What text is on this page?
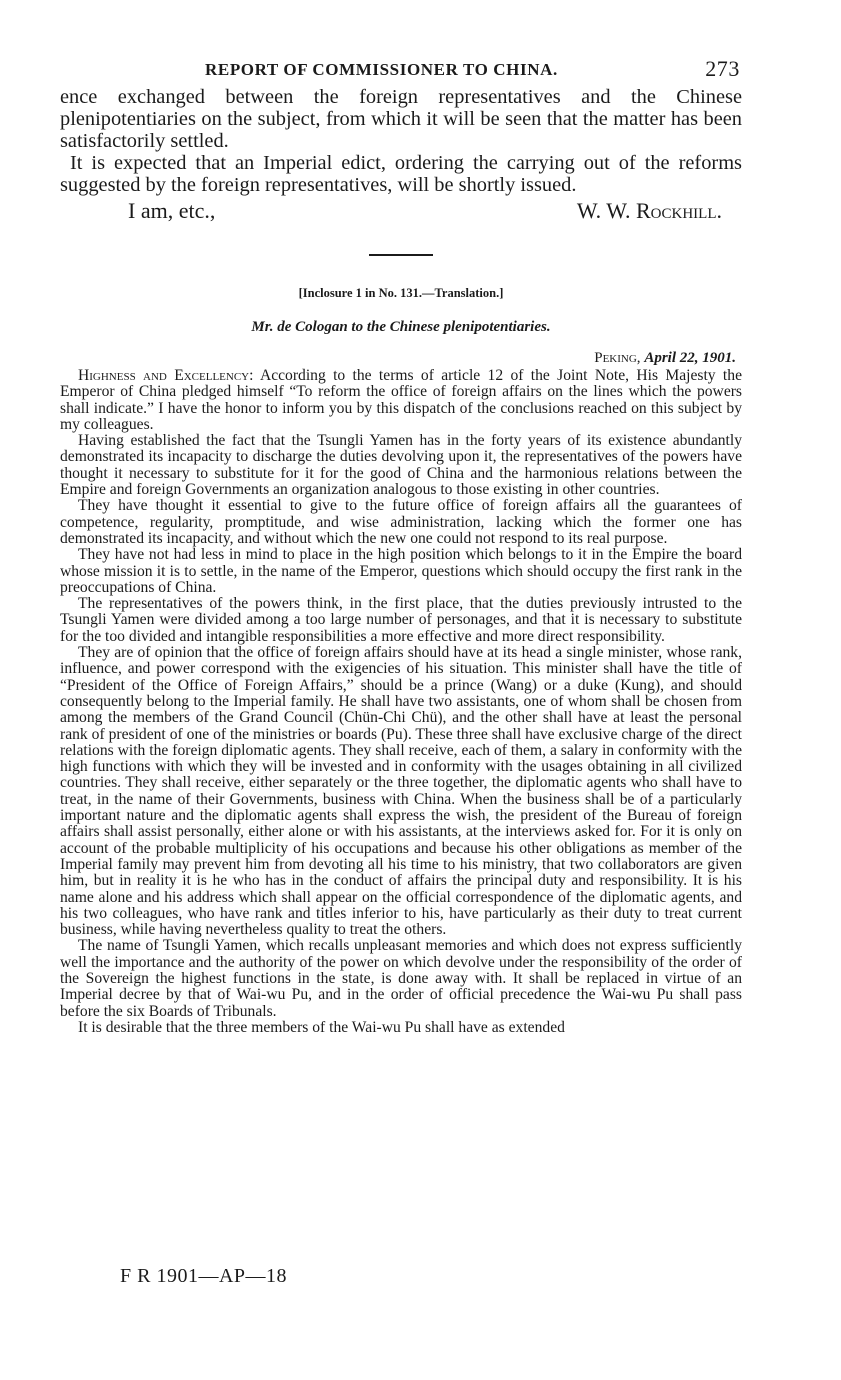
REPORT OF COMMISSIONER TO CHINA.	273

ence exchanged between the foreign representatives and the Chinese plenipotentiaries on the subject, from which it will be seen that the matter has been satisfactorily settled.

It is expected that an Imperial edict, ordering the carrying out of the reforms suggested by the foreign representatives, will be shortly issued.

I am, etc.,	W. W. Rockhill.
[Inclosure 1 in No. 131.—Translation.]
Mr. de Cologan to the Chinese plenipotentiaries.
Peking, April 22, 1901.

Highness and Excellency: According to the terms of article 12 of the Joint Note, His Majesty the Emperor of China pledged himself “To reform the office of foreign affairs on the lines which the powers shall indicate.” I have the honor to inform you by this dispatch of the conclusions reached on this subject by my colleagues.

Having established the fact that the Tsungli Yamen has in the forty years of its existence abundantly demonstrated its incapacity to discharge the duties devolving upon it, the representatives of the powers have thought it necessary to substitute for it for the good of China and the harmonious relations between the Empire and foreign Governments an organization analogous to those existing in other countries.

They have thought it essential to give to the future office of foreign affairs all the guarantees of competence, regularity, promptitude, and wise administration, lacking which the former one has demonstrated its incapacity, and without which the new one could not respond to its real purpose.

They have not had less in mind to place in the high position which belongs to it in the Empire the board whose mission it is to settle, in the name of the Emperor, questions which should occupy the first rank in the preoccupations of China.

The representatives of the powers think, in the first place, that the duties previously intrusted to the Tsungli Yamen were divided among a too large number of personages, and that it is necessary to substitute for the too divided and intangible responsibilities a more effective and more direct responsibility.

They are of opinion that the office of foreign affairs should have at its head a single minister, whose rank, influence, and power correspond with the exigencies of his situation. This minister shall have the title of “President of the Office of Foreign Affairs,” should be a prince (Wang) or a duke (Kung), and should consequently belong to the Imperial family. He shall have two assistants, one of whom shall be chosen from among the members of the Grand Council (Chün-Chi Chü), and the other shall have at least the personal rank of president of one of the ministries or boards (Pu). These three shall have exclusive charge of the direct relations with the foreign diplomatic agents. They shall receive, each of them, a salary in conformity with the high functions with which they will be invested and in conformity with the usages obtaining in all civilized countries. They shall receive, either separately or the three together, the diplomatic agents who shall have to treat, in the name of their Governments, business with China. When the business shall be of a particularly important nature and the diplomatic agents shall express the wish, the president of the Bureau of foreign affairs shall assist personally, either alone or with his assistants, at the interviews asked for. For it is only on account of the probable multiplicity of his occupations and because his other obligations as member of the Imperial family may prevent him from devoting all his time to his ministry, that two collaborators are given him, but in reality it is he who has in the conduct of affairs the principal duty and responsibility. It is his name alone and his address which shall appear on the official correspondence of the diplomatic agents, and his two colleagues, who have rank and titles inferior to his, have particularly as their duty to treat current business, while having nevertheless quality to treat the others.

The name of Tsungli Yamen, which recalls unpleasant memories and which does not express sufficiently well the importance and the authority of the power on which devolve under the responsibility of the order of the Sovereign the highest functions in the state, is done away with. It shall be replaced in virtue of an Imperial decree by that of Wai-wu Pu, and in the order of official precedence the Wai-wu Pu shall pass before the six Boards of Tribunals.

It is desirable that the three members of the Wai-wu Pu shall have as extended

F R 1901—AP—18
